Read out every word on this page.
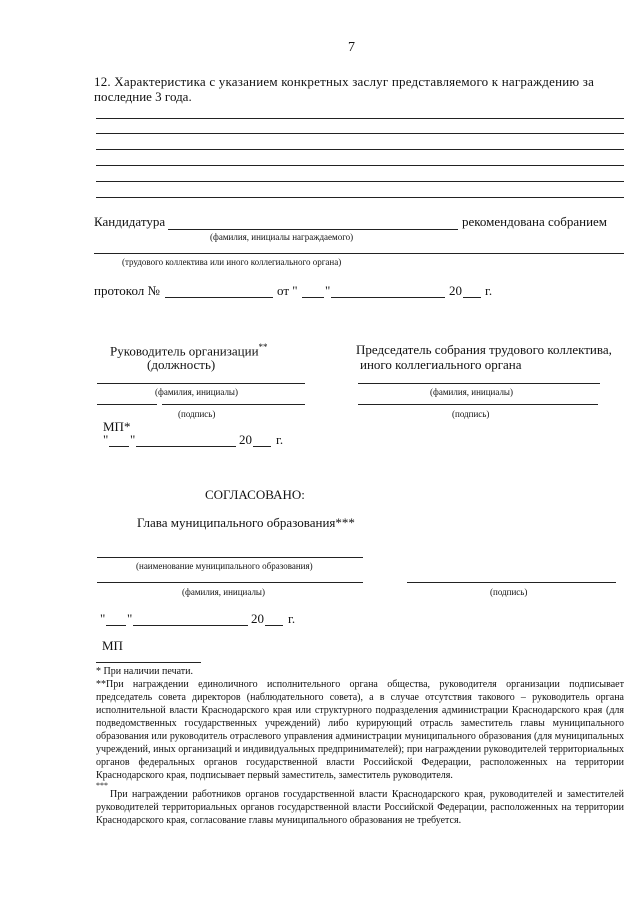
7
12. Характеристика с указанием конкретных заслуг представляемого к награждению за
последние 3 года.
Кандидатура	рекомендована собранием
(фамилия, инициалы награждаемого)
(трудового коллектива или иного коллегиального органа)
протокол №	от " "	20 г.
Руководитель организации**
(должность)
(фамилия, инициалы)
(подпись)
МП*
" "	20 г.
Председатель собрания трудового коллектива,
иного коллегиального органа
(фамилия, инициалы)
(подпись)
СОГЛАСОВАНО:
Глава муниципального образования***
(наименование муниципального образования)
(фамилия, инициалы)	(подпись)
" "	20 г.
МП

* При наличии печати.

**При награждении единоличного исполнительного органа общества, руководителя организации подписывает председатель совета директоров (наблюдательного совета), а в случае отсутствия такового – руководитель органа исполнительной власти Краснодарского края или структурного подразделения администрации Краснодарского края (для подведомственных государственных учреждений) либо курирующий отрасль заместитель главы муниципального образования или руководитель отраслевого управления администрации муниципального образования (для муниципальных учреждений, иных организаций и индивидуальных предпринимателей); при награждении руководителей территориальных органов федеральных органов государственной власти Российской Федерации, расположенных на территории Краснодарского края, подписывает первый заместитель, заместитель руководителя.

***

При награждении работников органов государственной власти Краснодарского края, руководителей и заместителей руководителей территориальных органов государственной власти Российской Федерации, расположенных на территории Краснодарского края, согласование главы муниципального образования не требуется.
